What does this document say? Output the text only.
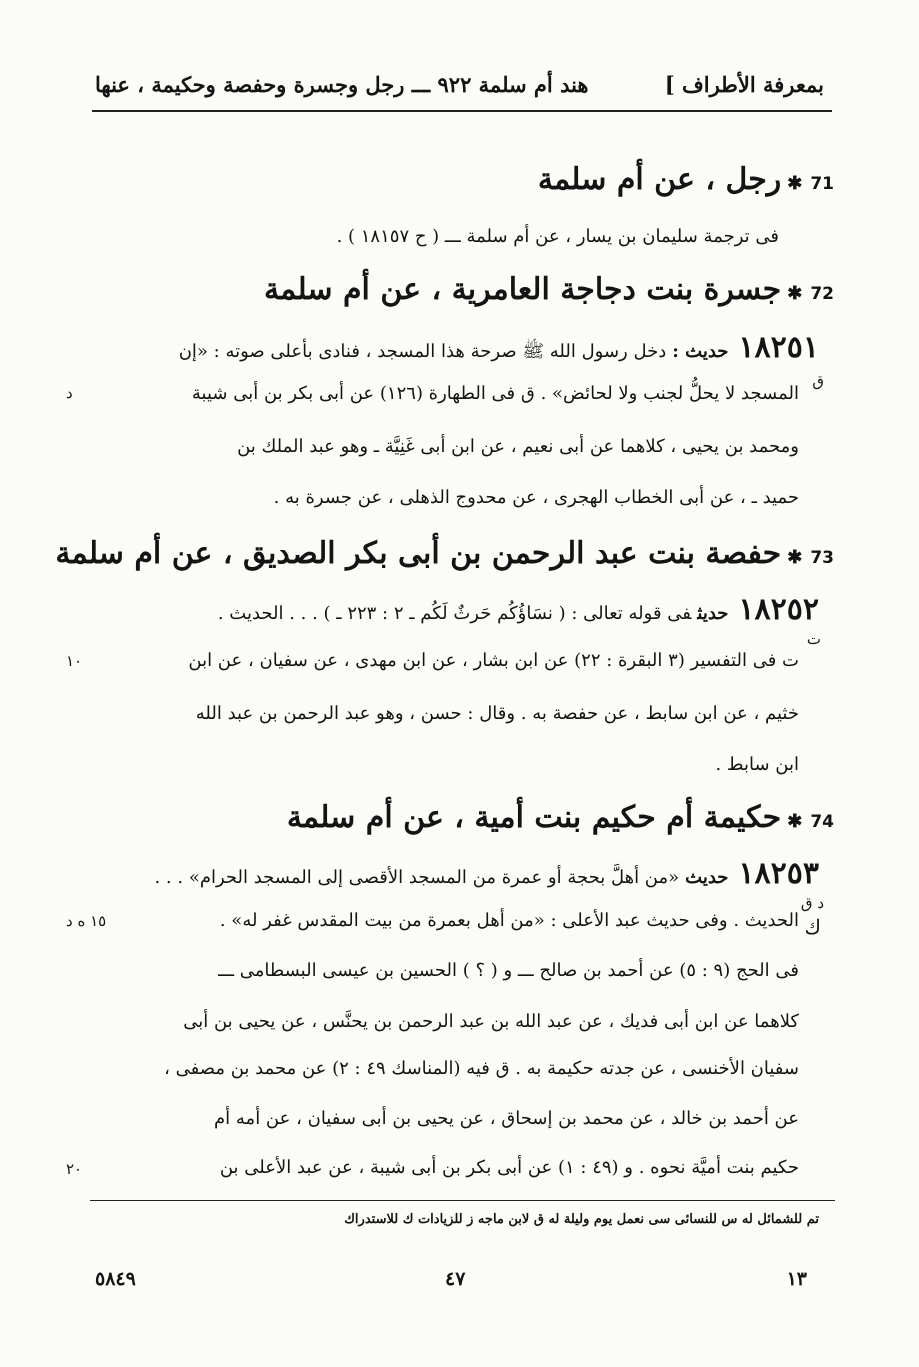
بمعرفة الأطراف ]
هند أم سلمة ٩٢٢ ـــ رجل وجسرة وحفصة وحكيمة ، عنها
71✱رجل ، عن أم سلمة
فى ترجمة سليمان بن يسار ، عن أم سلمة ـــ ( ح ١٨١٥٧ ) .
72✱جسرة بنت دجاجة العامرية ، عن أم سلمة
١٨٢٥١حديث :دخل رسول الله ﷺ صرحة هذا المسجد ، فنادى بأعلى صوته : «إن
ق
د	المسجد لا يحلُّ لجنب ولا لحائض» . ق فى الطهارة (١٢٦) عن أبى بكر بن أبى شيبة
ومحمد بن يحيى ، كلاهما عن أبى نعيم ، عن ابن أبى غَنِيَّة ـ وهو عبد الملك بن
حميد ـ ، عن أبى الخطاب الهجرى ، عن محدوج الذهلى ، عن جسرة به .
73✱حفصة بنت عبد الرحمن بن أبى بكر الصديق ، عن أم سلمة
١٨٢٥٢حديثفى قوله تعالى : ( نسَاؤُكُم حَرثٌ لَكُم ـ ٢ : ٢٢٣ ـ ) . . . الحديث .
ت
١٠	ت فى التفسير (٣ البقرة : ٢٢) عن ابن بشار ، عن ابن مهدى ، عن سفيان ، عن ابن
خثيم ، عن ابن سابط ، عن حفصة به . وقال : حسن ، وهو عبد الرحمن بن عبد الله
ابن سابط .
74✱حكيمة أم حكيم بنت أمية ، عن أم سلمة
١٨٢٥٣حديث«من أهلَّ بحجة أو عمرة من المسجد الأقصى إلى المسجد الحرام» . . .
د ق
ك
١٥ ه د	الحديث . وفى حديث عبد الأعلى : «من أهل بعمرة من بيت المقدس غفر له» .
فى الحج (٩ : ٥) عن أحمد بن صالح ـــ و ( ؟ ) الحسين بن عيسى البسطامى ـــ
كلاهما عن ابن أبى فديك ، عن عبد الله بن عبد الرحمن بن يحنَّس ، عن يحيى بن أبى
سفيان الأخنسى ، عن جدته حكيمة به . ق فيه (المناسك ٤٩ : ٢) عن محمد بن مصفى ،
عن أحمد بن خالد ، عن محمد بن إسحاق ، عن يحيى بن أبى سفيان ، عن أمه أم
حكيم بنت أميَّة نحوه . و (٤٩ : ١) عن أبى بكر بن أبى شيبة ، عن عبد الأعلى بن
٢٠
تم للشمائل له س للنسائى سى نعمل يوم وليلة له ق لابن ماجه ز للزيادات ك للاستدراك
١٣
٤٧
٥٨٤٩
